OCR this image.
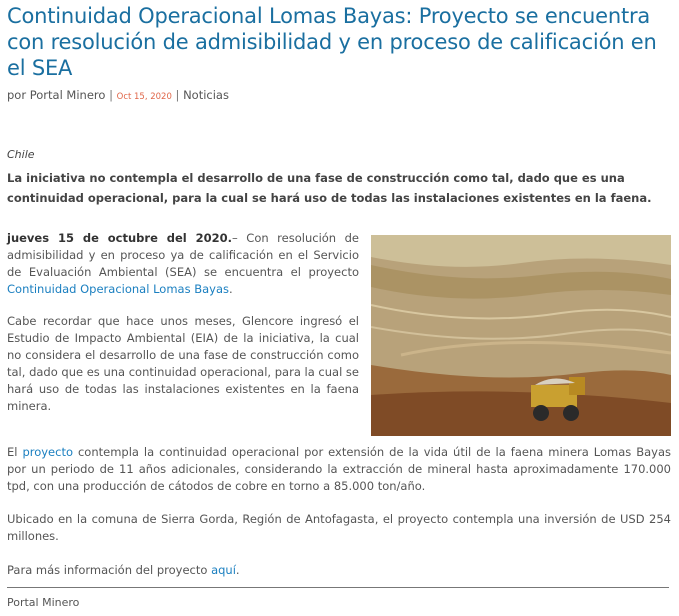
Continuidad Operacional Lomas Bayas: Proyecto se encuentra con resolución de admisibilidad y en proceso de calificación en el SEA
por Portal Minero | Oct 15, 2020 | Noticias
Chile

La iniciativa no contempla el desarrollo de una fase de construcción como tal, dado que es una continuidad operacional, para la cual se hará uso de todas las instalaciones existentes en la faena.

jueves 15 de octubre del 2020.– Con resolución de admisibilidad y en proceso ya de calificación en el Servicio de Evaluación Ambiental (SEA) se encuentra el proyecto Continuidad Operacional Lomas Bayas.

Cabe recordar que hace unos meses, Glencore ingresó el Estudio de Impacto Ambiental (EIA) de la iniciativa, la cual no considera el desarrollo de una fase de construcción como tal, dado que es una continuidad operacional, para la cual se hará uso de todas las instalaciones existentes en la faena minera.

El proyecto contempla la continuidad operacional por extensión de la vida útil de la faena minera Lomas Bayas por un periodo de 11 años adicionales, considerando la extracción de mineral hasta aproximadamente 170.000 tpd, con una producción de cátodos de cobre en torno a 85.000 ton/año.

Ubicado en la comuna de Sierra Gorda, Región de Antofagasta, el proyecto contempla una inversión de USD 254 millones.

Para más información del proyecto aquí.

Portal Minero
